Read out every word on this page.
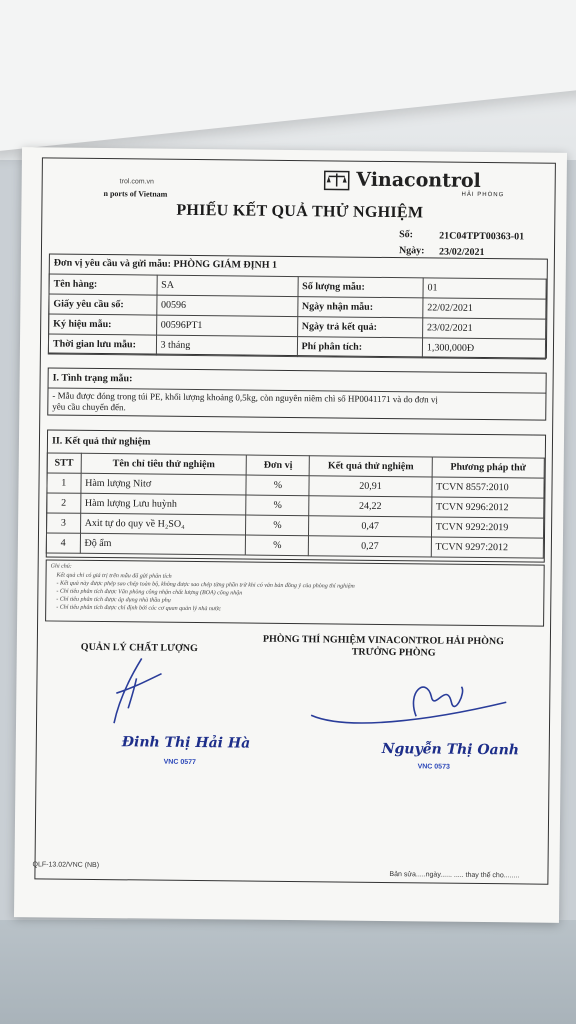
trol.com.vn
n ports of Vietnam
Vinacontrol
HẢI PHÒNG
PHIẾU KẾT QUẢ THỬ NGHIỆM
Số:	21C04TPT00363-01
Ngày: 23/02/2021
Đơn vị yêu cầu và gửi mẫu: PHÒNG GIÁM ĐỊNH 1
Tên hàng:	SA	Số lượng mẫu:	01
Giấy yêu cầu số:	00596	Ngày nhận mẫu:	22/02/2021
Ký hiệu mẫu:	00596PT1	Ngày trả kết quả:	23/02/2021
Thời gian lưu mẫu:	3 tháng	Phí phân tích:	1,300,000Đ
I. Tình trạng mẫu:
- Mẫu được đóng trong túi PE, khối lượng khoảng 0,5kg, còn nguyên niêm chì số HP0041171 và do đơn vị
yêu cầu chuyển đến.
II. Kết quả thử nghiệm
STT	Tên chỉ tiêu thử nghiệm	Đơn vị	Kết quả thử nghiệm	Phương pháp thử
1	Hàm lượng Nitơ	%	20,91	TCVN 8557:2010
2	Hàm lượng Lưu huỳnh	%	24,22	TCVN 9296:2012
3	Axit tự do quy về H₂SO₄	%	0,47	TCVN 9292:2019
4	Độ ẩm	%	0,27	TCVN 9297:2012
Ghi chú:
Kết quả chỉ có giá trị trên mẫu đã gửi phân tích
- Kết quả này được phép sao chép toàn bộ, không được sao chép từng phần trừ khi có văn bản đồng ý của phòng thí nghiệm
- Chỉ tiêu phân tích được Văn phòng công nhận chất lượng (BOA) công nhận
- Chỉ tiêu phân tích được áp dụng nhà thầu phụ
- Chỉ tiêu phân tích được chỉ định bởi các cơ quan quản lý nhà nước
PHÒNG THÍ NGHIỆM VINACONTROL HẢI PHÒNG
TRƯỞNG PHÒNG
QUẢN LÝ CHẤT LƯỢNG
Đinh Thị Hải Hà
VNC 0577
Nguyễn Thị Oanh
VNC 0573
QLF-13.02/VNC (NB)
Bản sửa.....ngày...... ..... thay thế cho........
